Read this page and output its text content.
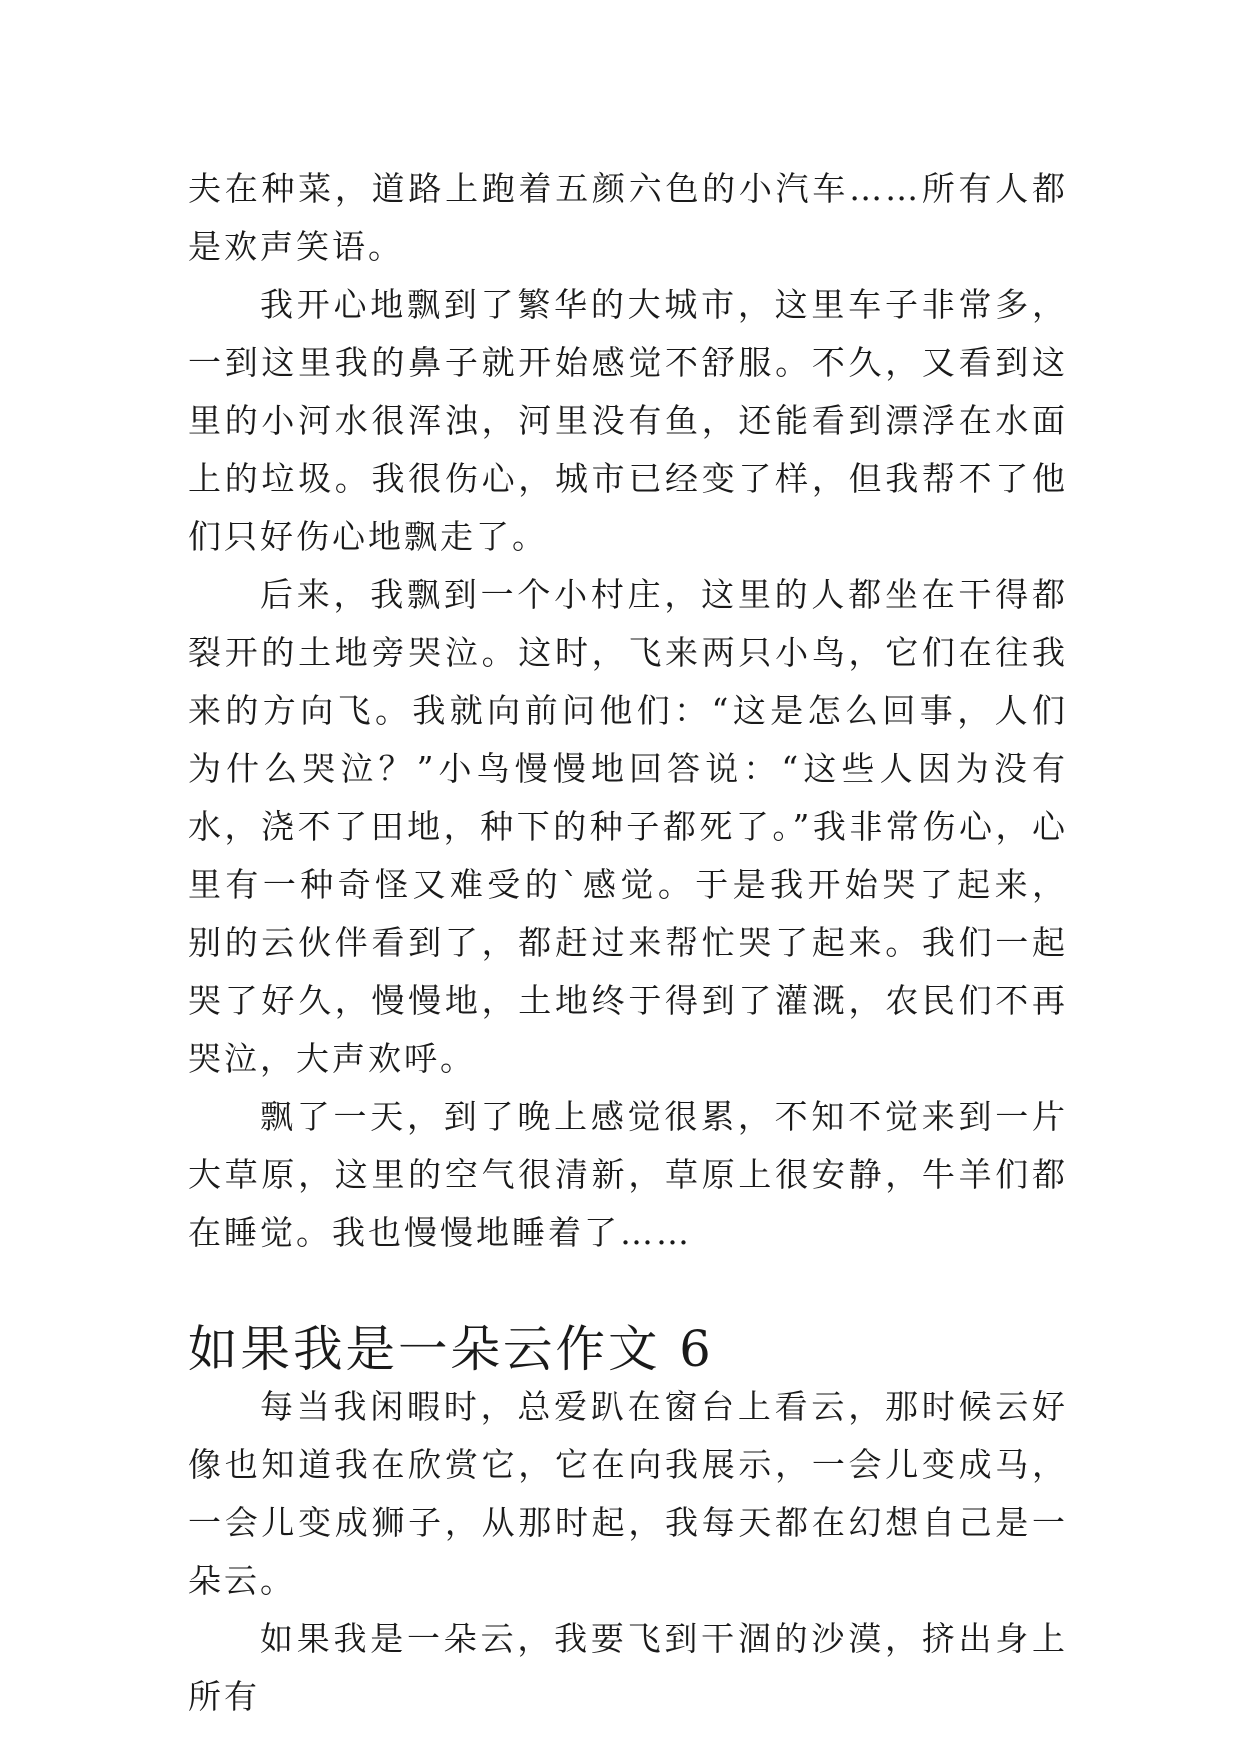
夫在种菜，道路上跑着五颜六色的小汽车……所有人都是欢声笑语。

我开心地飘到了繁华的大城市，这里车子非常多，一到这里我的鼻子就开始感觉不舒服。不久，又看到这里的小河水很浑浊，河里没有鱼，还能看到漂浮在水面上的垃圾。我很伤心，城市已经变了样，但我帮不了他们只好伤心地飘走了。

后来，我飘到一个小村庄，这里的人都坐在干得都裂开的土地旁哭泣。这时，飞来两只小鸟，它们在往我来的方向飞。我就向前问他们：“这是怎么回事，人们为什么哭泣？”小鸟慢慢地回答说：“这些人因为没有水，浇不了田地，种下的种子都死了。”我非常伤心，心里有一种奇怪又难受的`感觉。于是我开始哭了起来，别的云伙伴看到了，都赶过来帮忙哭了起来。我们一起哭了好久，慢慢地，土地终于得到了灌溉，农民们不再哭泣，大声欢呼。

飘了一天，到了晚上感觉很累，不知不觉来到一片大草原，这里的空气很清新，草原上很安静，牛羊们都在睡觉。我也慢慢地睡着了……

如果我是一朵云作文 6

每当我闲暇时，总爱趴在窗台上看云，那时候云好像也知道我在欣赏它，它在向我展示，一会儿变成马，一会儿变成狮子，从那时起，我每天都在幻想自己是一朵云。

如果我是一朵云，我要飞到干涸的沙漠，挤出身上所有
